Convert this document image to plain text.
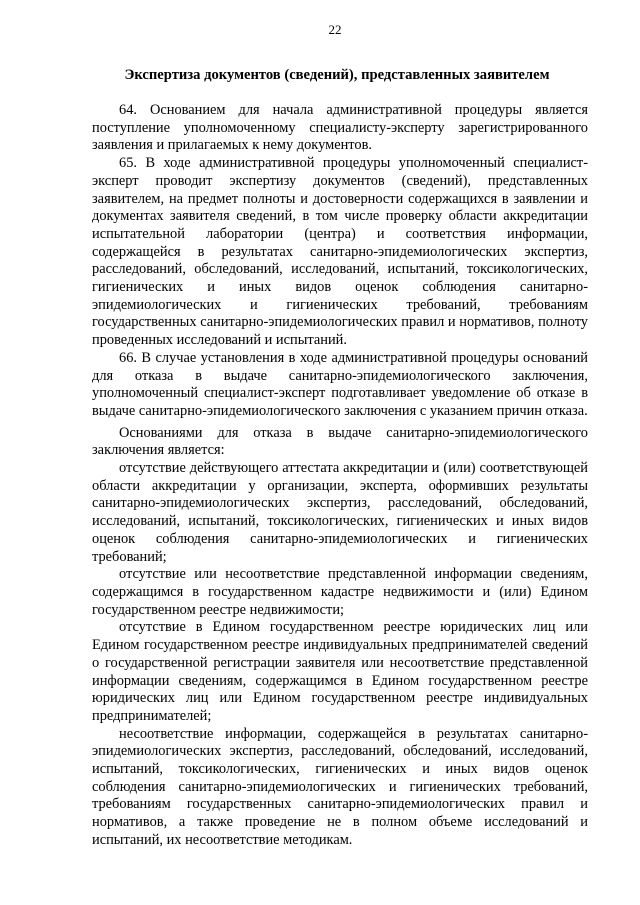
22
Экспертиза документов (сведений), представленных заявителем

64. Основанием для начала административной процедуры является поступление уполномоченному специалисту-эксперту зарегистрированного заявления и прилагаемых к нему документов.

65. В ходе административной процедуры уполномоченный специалист-эксперт проводит экспертизу документов (сведений), представленных заявителем, на предмет полноты и достоверности содержащихся в заявлении и документах заявителя сведений, в том числе проверку области аккредитации испытательной лаборатории (центра) и соответствия информации, содержащейся в результатах санитарно-эпидемиологических экспертиз, расследований, обследований, исследований, испытаний, токсикологических, гигиенических и иных видов оценок соблюдения санитарно-эпидемиологических и гигиенических требований, требованиям государственных санитарно-эпидемиологических правил и нормативов, полноту проведенных исследований и испытаний.

66. В случае установления в ходе административной процедуры оснований для отказа в выдаче санитарно-эпидемиологического заключения, уполномоченный специалист-эксперт подготавливает уведомление об отказе в выдаче санитарно-эпидемиологического заключения с указанием причин отказа.

Основаниями для отказа в выдаче санитарно-эпидемиологического заключения является:

отсутствие действующего аттестата аккредитации и (или) соответствующей области аккредитации у организации, эксперта, оформивших результаты санитарно-эпидемиологических экспертиз, расследований, обследований, исследований, испытаний, токсикологических, гигиенических и иных видов оценок соблюдения санитарно-эпидемиологических и гигиенических требований;

отсутствие или несоответствие представленной информации сведениям, содержащимся в государственном кадастре недвижимости и (или) Едином государственном реестре недвижимости;

отсутствие в Едином государственном реестре юридических лиц или Едином государственном реестре индивидуальных предпринимателей сведений о государственной регистрации заявителя или несоответствие представленной информации сведениям, содержащимся в Едином государственном реестре юридических лиц или Едином государственном реестре индивидуальных предпринимателей;

несоответствие информации, содержащейся в результатах санитарно-эпидемиологических экспертиз, расследований, обследований, исследований, испытаний, токсикологических, гигиенических и иных видов оценок соблюдения санитарно-эпидемиологических и гигиенических требований, требованиям государственных санитарно-эпидемиологических правил и нормативов, а также проведение не в полном объеме исследований и испытаний, их несоответствие методикам.
